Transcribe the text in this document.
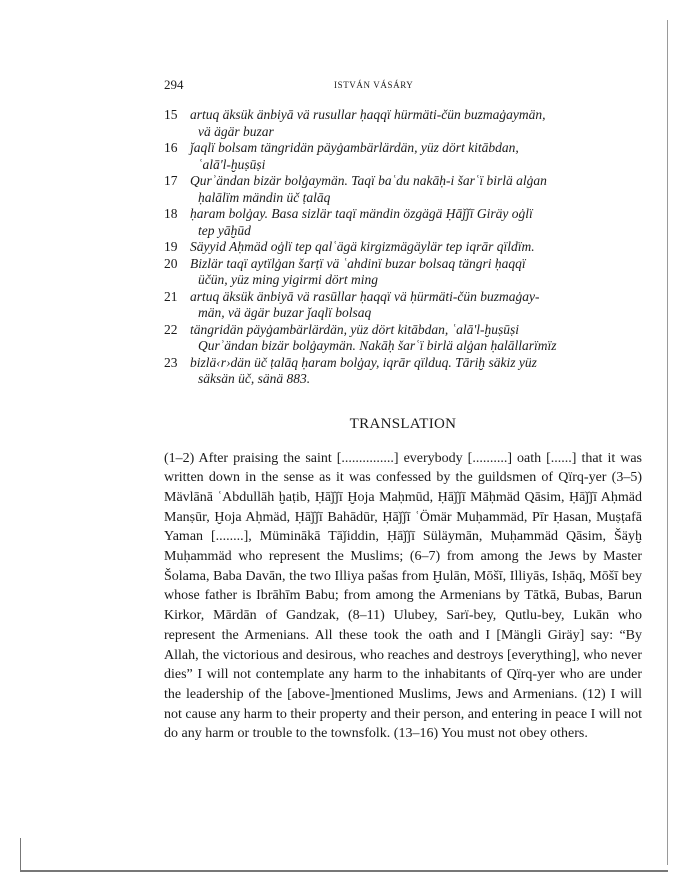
294	ISTVÁN VÁSÁRY
15 artuq äksük änbiyā vä rusullar ḥaqqï hürmäti-čün buzmaġaymän,
vä ägär buzar
16 ǰaqlï bolsam tängridän päyġambärlärdän, yüz dört kitābdan,
ʿalā'l-ḫuṣūṣi
17 Qurʾändan bizär bolġaymän. Taqï baʿdu nakāḥ-i šarʿï birlä alġan
ḥalālïm mändin üč ṭalāq
18 ḥaram bolġay. Basa sizlär taqï mändin özgägä Ḥāǰǰī Giräy oġlï
tep yāḫūd
19 Säyyid Aḥmäd oġlï tep qalʿägä kirgizmägäylär tep iqrār qïldïm.
20 Bizlär taqï aytïlġan šarṭï vä ʿahdinï buzar bolsaq tängri ḥaqqï
üčün, yüz ming yigirmi dört ming
21 artuq äksük änbiyā vä rasūllar ḥaqqï vä ḥürmäti-čün buzmaġay-
män, vä ägär buzar ǰaqlï bolsaq
22 tängridän päyġambärlärdän, yüz dört kitābdan, ʿalā'l-ḫuṣūṣi
Qurʾändan bizär bolġaymän. Nakāḥ šarʿï birlä alġan ḥalāllarïmïz
23 bizlä‹r›dän üč ṭalāq ḥaram bolġay, iqrār qïlduq. Tāriḫ säkiz yüz
säksän üč, sänä 883.
TRANSLATION
(1–2) After praising the saint [...............] everybody [..........] oath [......] that it was written down in the sense as it was confessed by the guildsmen of Qïrq-yer (3–5) Mävlānā ʿAbdullāh ḫaṭib, Ḥāǰǰī Ḫoja Maḥmūd, Ḥāǰǰī Māḥmäd Qāsim, Ḥāǰǰī Aḥmäd Manṣūr, Ḫoja Aḥmäd, Ḥāǰǰī Bahādūr, Ḥāǰǰī ʿÖmär Muḥammäd, Pīr Ḥasan, Muṣṭafā Yaman [........], Müminākā Tāǰiddin, Ḥāǰǰī Süläymān, Muḥammäd Qāsim, Šäyḫ Muḥammäd who represent the Muslims; (6–7) from among the Jews by Master Šolama, Baba Davān, the two Illiya pašas from Ḫulān, Mōšī, Illiyās, Isḥāq, Mōšī bey whose father is Ibrāhīm Babu; from among the Armenians by Tātkā, Bubas, Barun Kirkor, Mārdān of Gandzak, (8–11) Ulubey, Sarï-bey, Qutlu-bey, Lukān who represent the Armenians. All these took the oath and I [Mängli Giräy] say: “By Allah, the victorious and desirous, who reaches and destroys [everything], who never dies” I will not contemplate any harm to the inhabitants of Qïrq-yer who are under the leadership of the [above-]mentioned Muslims, Jews and Armenians. (12) I will not cause any harm to their property and their person, and entering in peace I will not do any harm or trouble to the townsfolk. (13–16) You must not obey others.
